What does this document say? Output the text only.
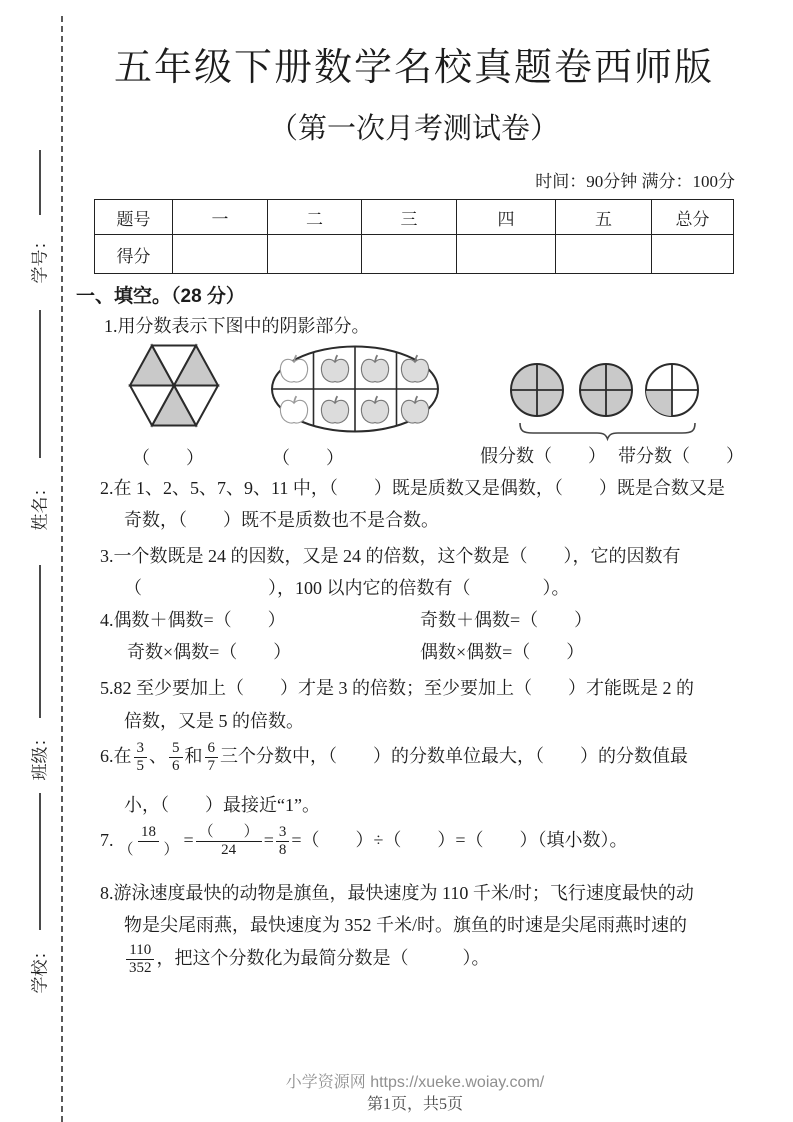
学号：
姓名：
班级：
学校：
五年级下册数学名校真题卷西师版
（第一次月考测试卷）
时间：90分钟 满分：100分
题号	一	二	三	四	五	总分
得分						
一、填空。（28 分）
1.用分数表示下图中的阴影部分。
（　　）	（　　）	假分数（　　） 带分数（　　）
2.在 1、2、5、7、9、11 中，（　　）既是质数又是偶数，（　　）既是合数又是
奇数，（　　）既不是质数也不是合数。
3.一个数既是 24 的因数，又是 24 的倍数，这个数是（　　），它的因数有
（　　　　　　　），100 以内它的倍数有（　　　　）。
4.偶数＋偶数=（　　）	奇数＋偶数=（　　）
奇数×偶数=（　　）	偶数×偶数=（　　）
5.82 至少要加上（　　）才是 3 的倍数；至少要加上（　　）才能既是 2 的
倍数，又是 5 的倍数。
6.在 $\frac{3}{5}$ 、 $\frac{5}{6}$ 和 $\frac{6}{7}$ 三个分数中，（　　）的分数单位最大，（　　）的分数值最
小，（　　）最接近“1”。
7. $\frac{18}{( )} = \frac{( )}{24} = \frac{3}{8}$ =（　　）÷（　　）=（　　）（填小数）。
8.游泳速度最快的动物是旗鱼，最快速度为 110 千米/时；飞行速度最快的动
物是尖尾雨燕，最快速度为 352 千米/时。旗鱼的时速是尖尾雨燕时速的
$\frac{110}{352}$ ，把这个分数化为最简分数是（　　　）。
小学资源网 https://xueke.woiay.com/
第1页，共5页
